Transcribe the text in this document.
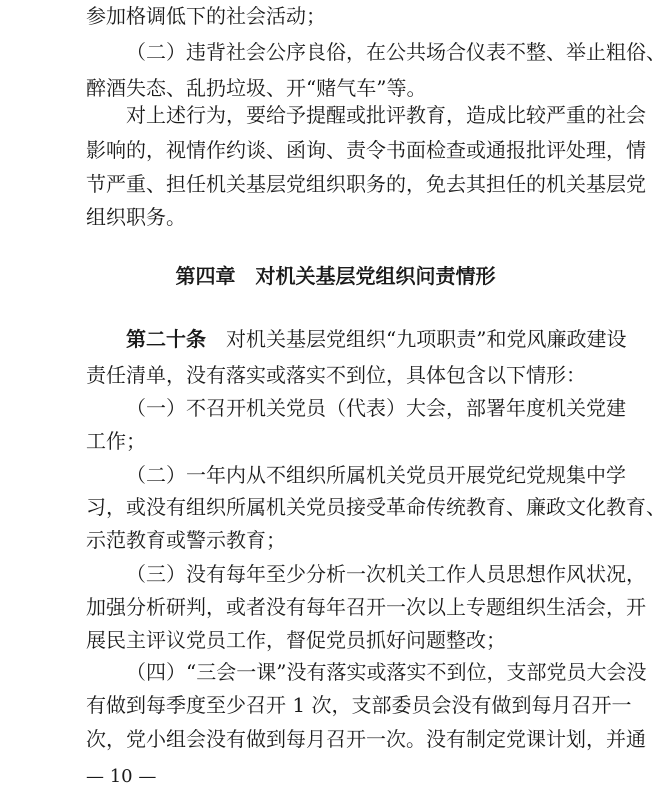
参加格调低下的社会活动；
（二）违背社会公序良俗，在公共场合仪表不整、举止粗俗、
醉酒失态、乱扔垃圾、开“赌气车”等。
对上述行为，要给予提醒或批评教育，造成比较严重的社会
影响的，视情作约谈、函询、责令书面检查或通报批评处理，情
节严重、担任机关基层党组织职务的，免去其担任的机关基层党
组织职务。
第四章　对机关基层党组织问责情形
第二十条　对机关基层党组织“九项职责”和党风廉政建设
责任清单，没有落实或落实不到位，具体包含以下情形：
（一）不召开机关党员（代表）大会，部署年度机关党建
工作；
（二）一年内从不组织所属机关党员开展党纪党规集中学
习，或没有组织所属机关党员接受革命传统教育、廉政文化教育、
示范教育或警示教育；
（三）没有每年至少分析一次机关工作人员思想作风状况，
加强分析研判，或者没有每年召开一次以上专题组织生活会，开
展民主评议党员工作，督促党员抓好问题整改；
（四）“三会一课”没有落实或落实不到位，支部党员大会没
有做到每季度至少召开 1 次，支部委员会没有做到每月召开一
次，党小组会没有做到每月召开一次。没有制定党课计划，并通
— 10 —
